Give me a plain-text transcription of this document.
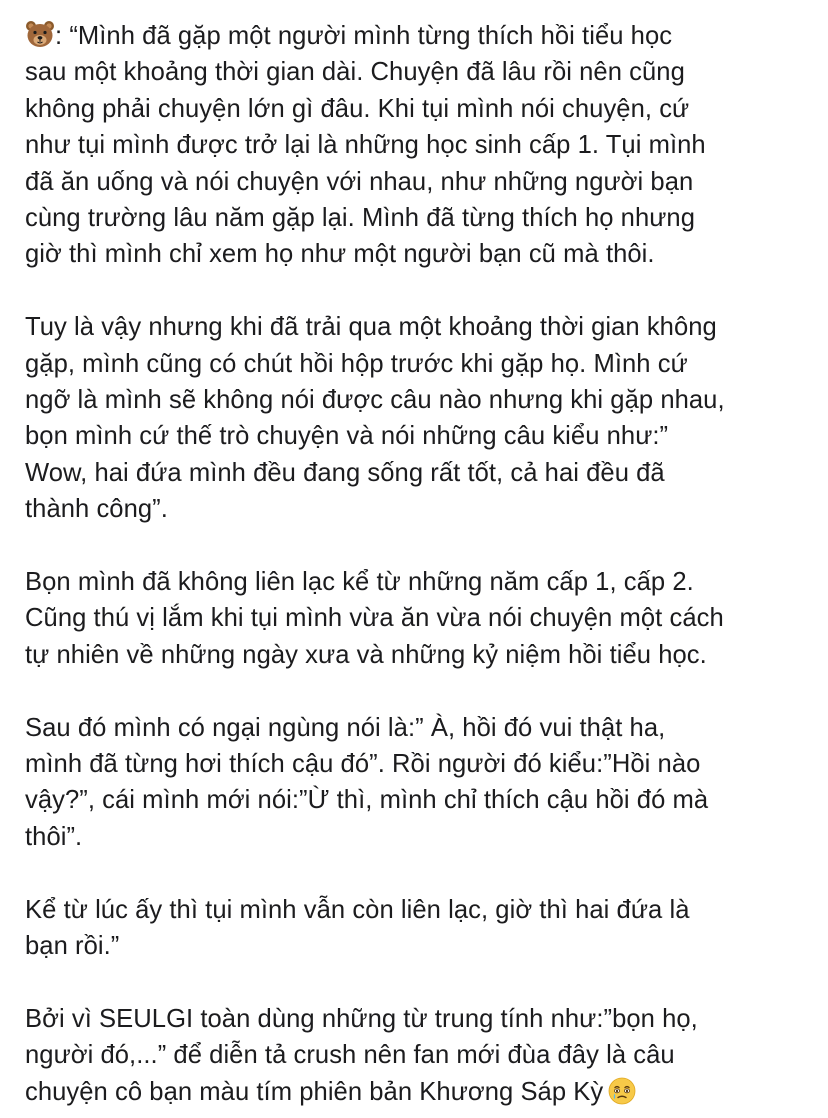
: “Mình đã gặp một người mình từng thích hồi tiểu học
sau một khoảng thời gian dài. Chuyện đã lâu rồi nên cũng
không phải chuyện lớn gì đâu. Khi tụi mình nói chuyện, cứ
như tụi mình được trở lại là những học sinh cấp 1. Tụi mình
đã ăn uống và nói chuyện với nhau, như những người bạn
cùng trường lâu năm gặp lại. Mình đã từng thích họ nhưng
giờ thì mình chỉ xem họ như một người bạn cũ mà thôi.

Tuy là vậy nhưng khi đã trải qua một khoảng thời gian không
gặp, mình cũng có chút hồi hộp trước khi gặp họ. Mình cứ
ngỡ là mình sẽ không nói được câu nào nhưng khi gặp nhau,
bọn mình cứ thế trò chuyện và nói những câu kiểu như:”
Wow, hai đứa mình đều đang sống rất tốt, cả hai đều đã
thành công”.

Bọn mình đã không liên lạc kể từ những năm cấp 1, cấp 2.
Cũng thú vị lắm khi tụi mình vừa ăn vừa nói chuyện một cách
tự nhiên về những ngày xưa và những kỷ niệm hồi tiểu học.

Sau đó mình có ngại ngùng nói là:” À, hồi đó vui thật ha,
mình đã từng hơi thích cậu đó”. Rồi người đó kiểu:”Hồi nào
vậy?”, cái mình mới nói:”Ừ thì, mình chỉ thích cậu hồi đó mà
thôi”.

Kể từ lúc ấy thì tụi mình vẫn còn liên lạc, giờ thì hai đứa là
bạn rồi.”

Bởi vì SEULGI toàn dùng những từ trung tính như:”bọn họ,
người đó,...” để diễn tả crush nên fan mới đùa đây là câu
chuyện cô bạn màu tím phiên bản Khương Sáp Kỳ
